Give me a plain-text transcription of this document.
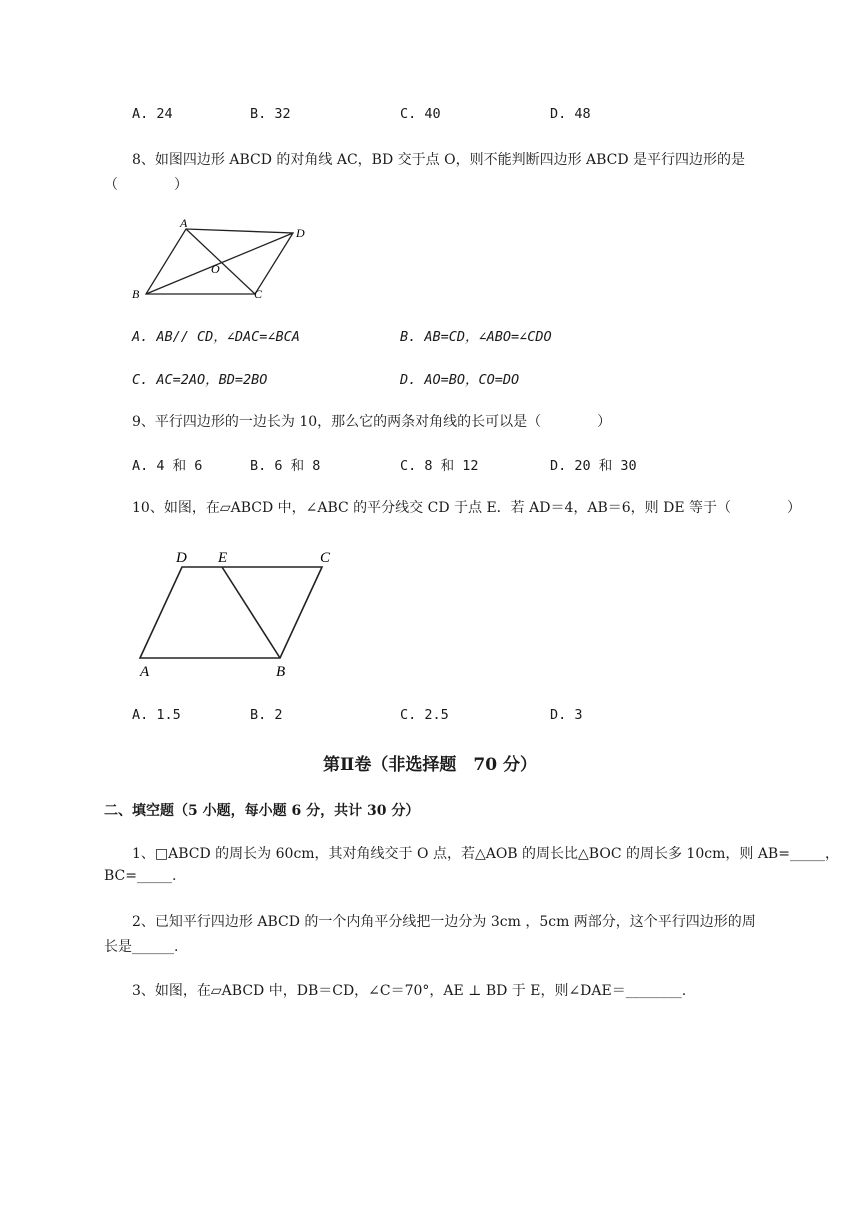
A. 24	B. 32	C. 40	D. 48
8、如图四边形 ABCD 的对角线 AC，BD 交于点 O，则不能判断四边形 ABCD 是平行四边形的是
（　　　　）
A
D
B	C
O
A. AB// CD，∠DAC=∠BCA	B. AB=CD，∠ABO=∠CDO
C. AC=2AO，BD=2BO	D. AO=BO，CO=DO
9、平行四边形的一边长为 10，那么它的两条对角线的长可以是（　　　　）
A. 4 和 6	B. 6 和 8	C. 8 和 12	D. 20 和 30
10、如图，在▱ABCD 中，∠ABC 的平分线交 CD 于点 E．若 AD＝4，AB＝6，则 DE 等于（　　　　）
D E	C
A	B
A. 1.5	B. 2	C. 2.5	D. 3
第Ⅱ卷（非选择题　70 分）
二、填空题（5 小题，每小题 6 分，共计 30 分）
1、□ABCD 的周长为 60cm，其对角线交于 O 点，若△AOB 的周长比△BOC 的周长多 10cm，则 AB=_____，
BC=_____.
2、已知平行四边形 ABCD 的一个内角平分线把一边分为 3cm ，5cm 两部分，这个平行四边形的周
长是______.
3、如图，在▱ABCD 中，DB＝CD，∠C＝70°，AE ⊥ BD 于 E，则∠DAE＝________.
